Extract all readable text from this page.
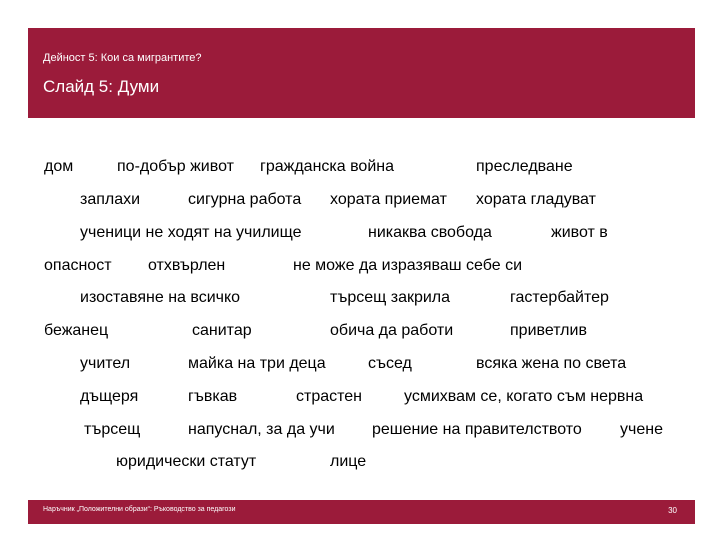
Дейност 5: Кои са мигрантите?
Слайд 5: Думи
дом	по-добър живот гражданска война	преследване
заплахи	сигурна работа хората приемат хората гладуват
ученици не ходят на училище	никаква свобода	живот в
опасност отхвърлен	не може да изразяваш себе си
изоставяне на всичко	търсещ закрила	гастербайтер
бежанец	санитар	обича да работи	приветлив
учител	майка на три деца	съсед	всяка жена по света
дъщеря	гъвкав	страстен	усмихвам се, когато съм нервна
търсещ	напуснал, за да учи решение на правителството учене
юридически статут	лице
Наръчник „Положителни образи“: Ръководство за педагози	30
